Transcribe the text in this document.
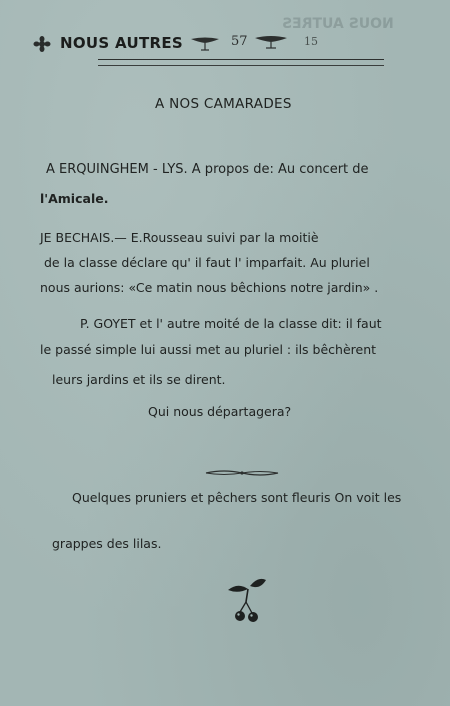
NOUS AUTRES
NOUS AUTRES	57	15
A NOS CAMARADES
A ERQUINGHEM - LYS. A propos de: Au concert de
l'Amicale.
JE BECHAIS.— E.Rousseau suivi par la moitiè
de la classe déclare qu' il faut l' imparfait. Au pluriel
nous aurions: «Ce matin nous bêchions notre jardin» .
P. GOYET et l' autre moité de la classe dit: il faut
le passé simple lui aussi met au pluriel : ils bêchèrent
leurs jardins et ils se dirent.
Qui nous départagera?
Quelques pruniers et pêchers sont fleuris On voit les
grappes des lilas.
